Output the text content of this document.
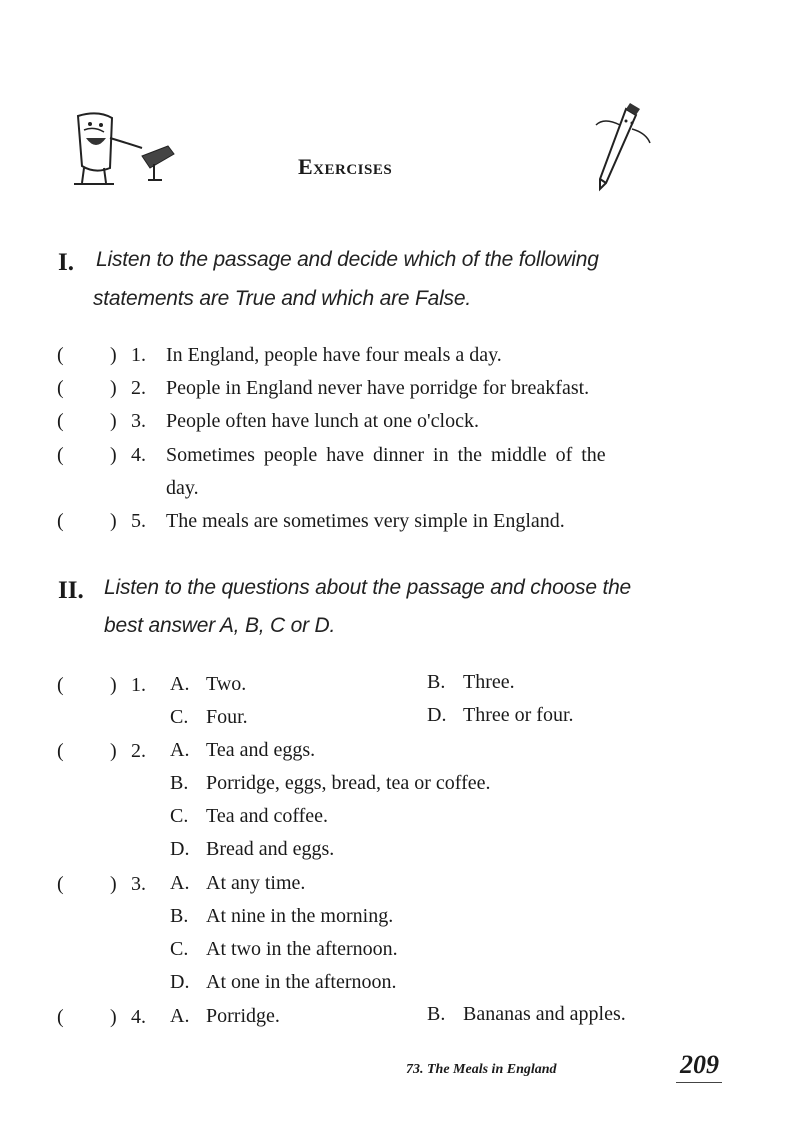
Exercises
I. Listen to the passage and decide which of the following
statements are True and which are False.
( ) 1. In England, people have four meals a day.
( ) 2. People in England never have porridge for breakfast.
( ) 3. People often have lunch at one o'clock.
( ) 4. Sometimes people have dinner in the middle of the
day.
( ) 5. The meals are sometimes very simple in England.
II. Listen to the questions about the passage and choose the
best answer A, B, C or D.
( ) 1. A. Two.	B. Three.
C. Four.	D. Three or four.
( ) 2. A. Tea and eggs.
B. Porridge, eggs, bread, tea or coffee.
C. Tea and coffee.
D. Bread and eggs.
( ) 3. A. At any time.
B. At nine in the morning.
C. At two in the afternoon.
D. At one in the afternoon.
( ) 4. A. Porridge.	B. Bananas and apples.
73. The Meals in England	209
